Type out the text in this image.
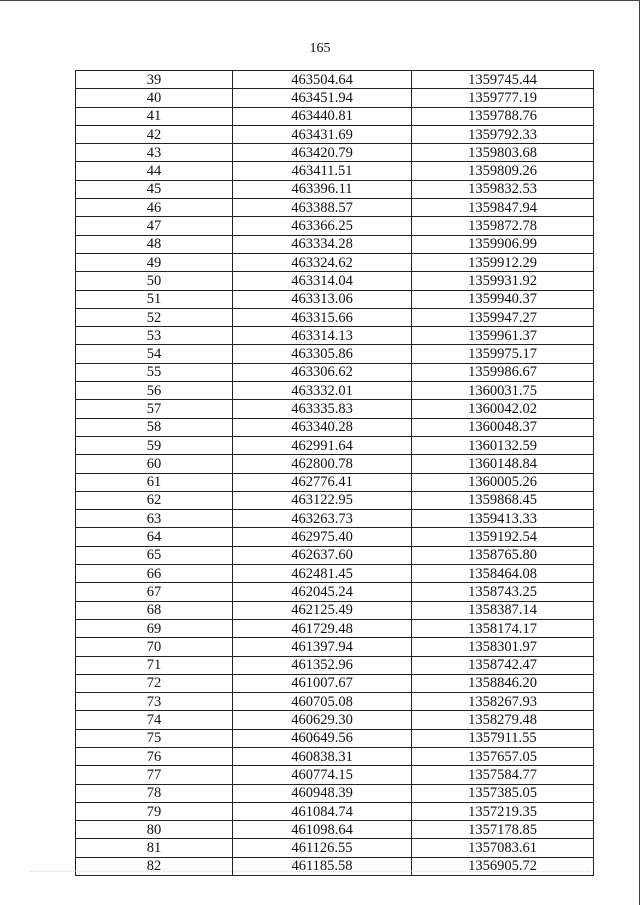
165
39	463504.64	1359745.44
40	463451.94	1359777.19
41	463440.81	1359788.76
42	463431.69	1359792.33
43	463420.79	1359803.68
44	463411.51	1359809.26
45	463396.11	1359832.53
46	463388.57	1359847.94
47	463366.25	1359872.78
48	463334.28	1359906.99
49	463324.62	1359912.29
50	463314.04	1359931.92
51	463313.06	1359940.37
52	463315.66	1359947.27
53	463314.13	1359961.37
54	463305.86	1359975.17
55	463306.62	1359986.67
56	463332.01	1360031.75
57	463335.83	1360042.02
58	463340.28	1360048.37
59	462991.64	1360132.59
60	462800.78	1360148.84
61	462776.41	1360005.26
62	463122.95	1359868.45
63	463263.73	1359413.33
64	462975.40	1359192.54
65	462637.60	1358765.80
66	462481.45	1358464.08
67	462045.24	1358743.25
68	462125.49	1358387.14
69	461729.48	1358174.17
70	461397.94	1358301.97
71	461352.96	1358742.47
72	461007.67	1358846.20
73	460705.08	1358267.93
74	460629.30	1358279.48
75	460649.56	1357911.55
76	460838.31	1357657.05
77	460774.15	1357584.77
78	460948.39	1357385.05
79	461084.74	1357219.35
80	461098.64	1357178.85
81	461126.55	1357083.61
82	461185.58	1356905.72
